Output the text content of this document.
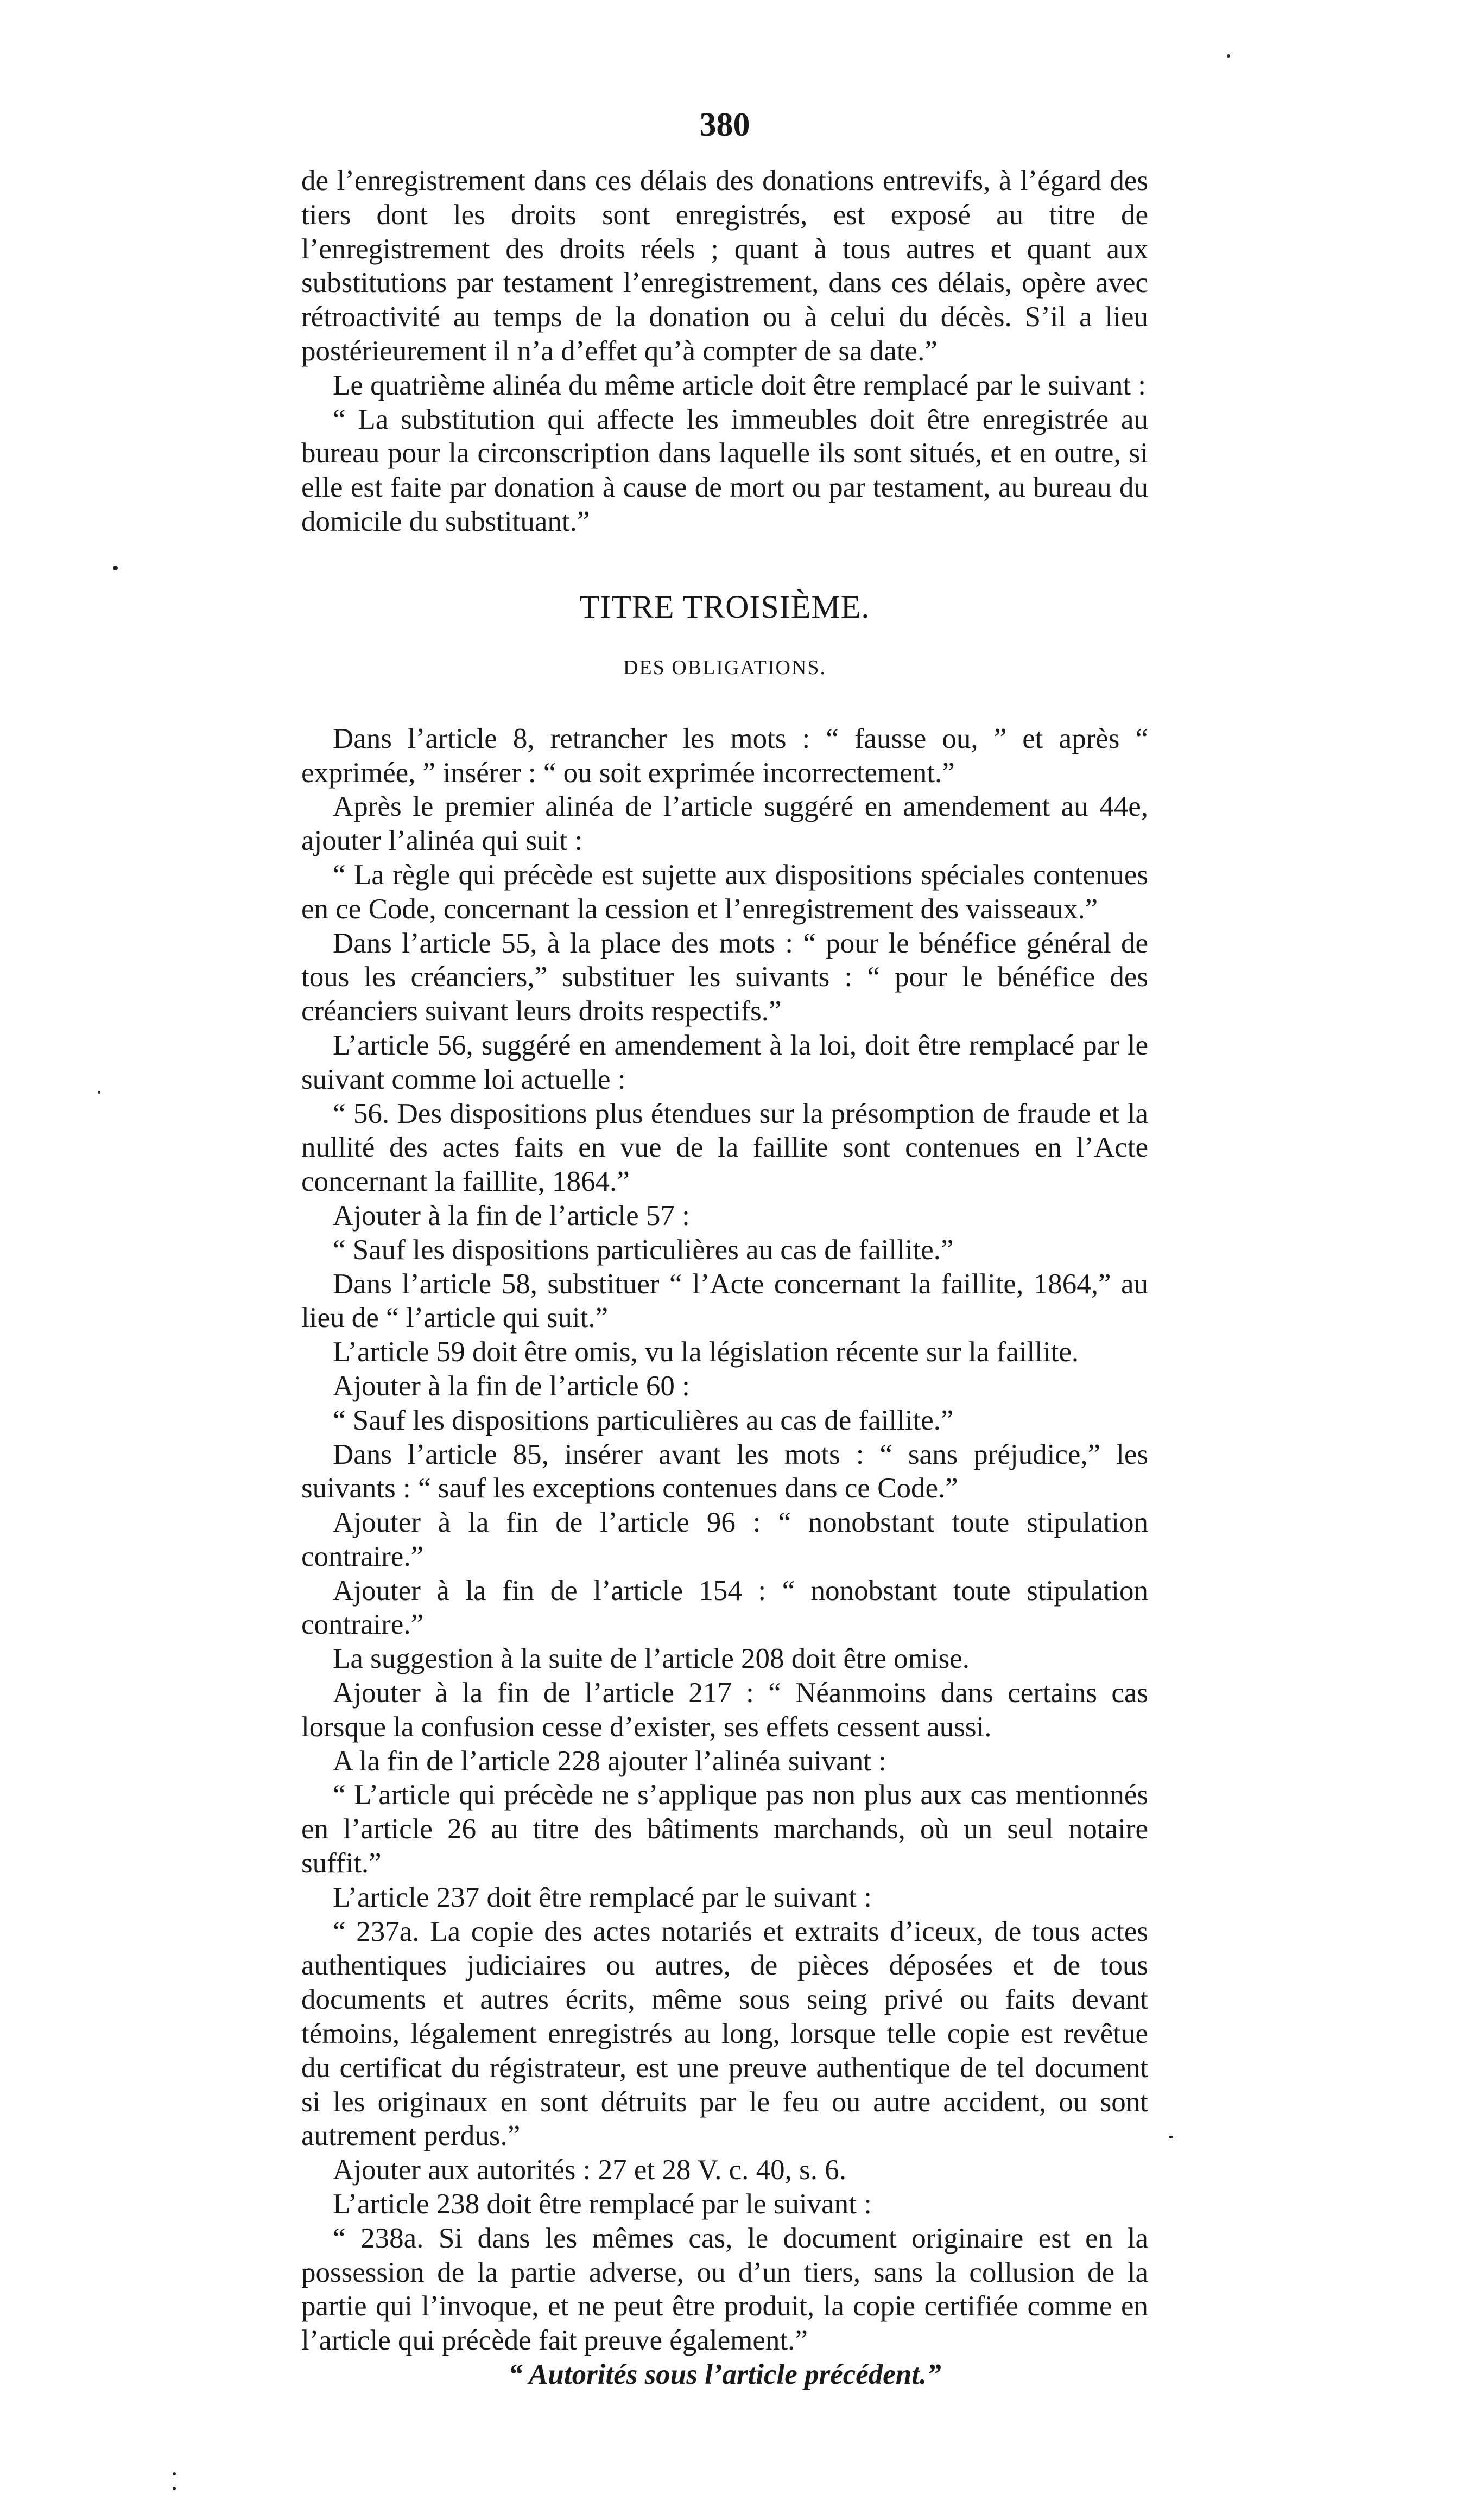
380

de l’enregistrement dans ces délais des donations entrevifs, à l’égard des tiers dont les droits sont enregistrés, est exposé au titre de l’enregistrement des droits réels ; quant à tous autres et quant aux substitutions par testament l’enregistrement, dans ces délais, opère avec rétroactivité au temps de la donation ou à celui du décès. S’il a lieu postérieurement il n’a d’effet qu’à compter de sa date.”

Le quatrième alinéa du même article doit être remplacé par le suivant :

“ La substitution qui affecte les immeubles doit être enregistrée au bureau pour la circonscription dans laquelle ils sont situés, et en outre, si elle est faite par donation à cause de mort ou par testament, au bureau du domicile du substituant.”

TITRE TROISIÈME.
DES OBLIGATIONS.

Dans l’article 8, retrancher les mots : “ fausse ou, ” et après “ exprimée, ” insérer : “ ou soit exprimée incorrectement.”

Après le premier alinéa de l’article suggéré en amendement au 44e, ajouter l’alinéa qui suit :

“ La règle qui précède est sujette aux dispositions spéciales contenues en ce Code, concernant la cession et l’enregistrement des vaisseaux.”

Dans l’article 55, à la place des mots : “ pour le bénéfice général de tous les créanciers,” substituer les suivants : “ pour le bénéfice des créanciers suivant leurs droits respectifs.”

L’article 56, suggéré en amendement à la loi, doit être remplacé par le suivant comme loi actuelle :

“ 56. Des dispositions plus étendues sur la présomption de fraude et la nullité des actes faits en vue de la faillite sont contenues en l’Acte concernant la faillite, 1864.”

Ajouter à la fin de l’article 57 :

“ Sauf les dispositions particulières au cas de faillite.”

Dans l’article 58, substituer “ l’Acte concernant la faillite, 1864,” au lieu de “ l’article qui suit.”

L’article 59 doit être omis, vu la législation récente sur la faillite.

Ajouter à la fin de l’article 60 :

“ Sauf les dispositions particulières au cas de faillite.”

Dans l’article 85, insérer avant les mots : “ sans préjudice,” les suivants : “ sauf les exceptions contenues dans ce Code.”

Ajouter à la fin de l’article 96 : “ nonobstant toute stipulation contraire.”

Ajouter à la fin de l’article 154 : “ nonobstant toute stipulation contraire.”

La suggestion à la suite de l’article 208 doit être omise.

Ajouter à la fin de l’article 217 : “ Néanmoins dans certains cas lorsque la confusion cesse d’exister, ses effets cessent aussi.

A la fin de l’article 228 ajouter l’alinéa suivant :

“ L’article qui précède ne s’applique pas non plus aux cas mentionnés en l’article 26 au titre des bâtiments marchands, où un seul notaire suffit.”

L’article 237 doit être remplacé par le suivant :

“ 237a. La copie des actes notariés et extraits d’iceux, de tous actes authentiques judiciaires ou autres, de pièces déposées et de tous documents et autres écrits, même sous seing privé ou faits devant témoins, légalement enregistrés au long, lorsque telle copie est revêtue du certificat du régistrateur, est une preuve authentique de tel document si les originaux en sont détruits par le feu ou autre accident, ou sont autrement perdus.”

Ajouter aux autorités : 27 et 28 V. c. 40, s. 6.

L’article 238 doit être remplacé par le suivant :

“ 238a. Si dans les mêmes cas, le document originaire est en la possession de la partie adverse, ou d’un tiers, sans la collusion de la partie qui l’invoque, et ne peut être produit, la copie certifiée comme en l’article qui précède fait preuve également.”

“ Autorités sous l’article précédent.”
